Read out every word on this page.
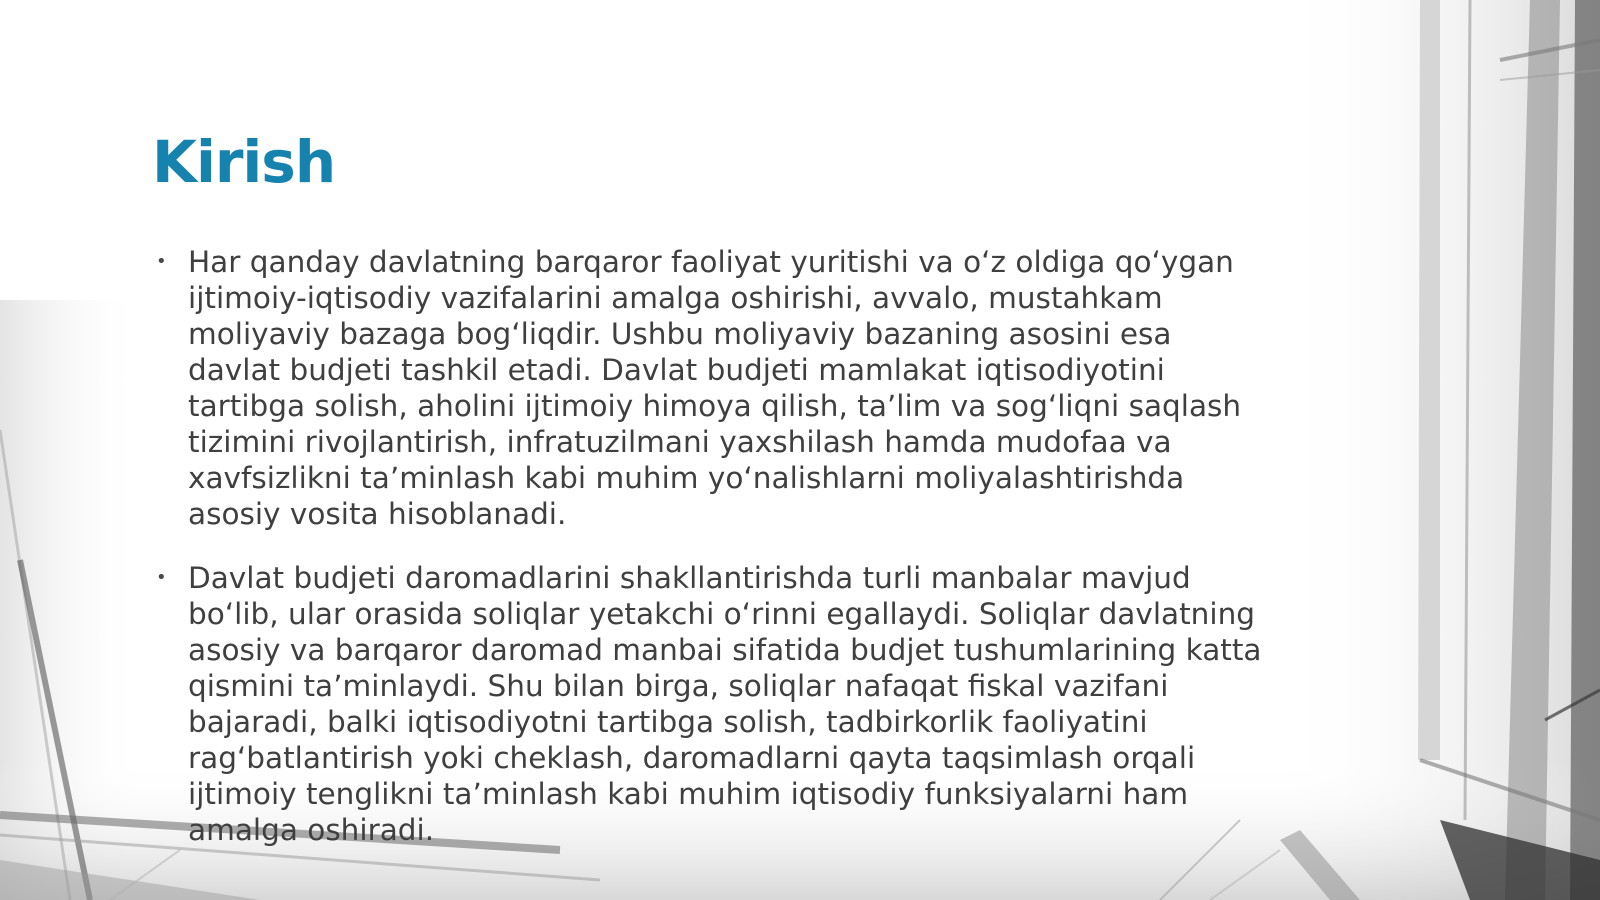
Kirish
• Har qanday davlatning barqaror faoliyat yuritishi va o‘z oldiga qo‘ygan ijtimoiy-iqtisodiy vazifalarini amalga oshirishi, avvalo, mustahkam moliyaviy bazaga bog‘liqdir. Ushbu moliyaviy bazaning asosini esa davlat budjeti tashkil etadi. Davlat budjeti mamlakat iqtisodiyotini tartibga solish, aholini ijtimoiy himoya qilish, ta’lim va sog‘liqni saqlash tizimini rivojlantirish, infratuzilmani yaxshilash hamda mudofaa va xavfsizlikni ta’minlash kabi muhim yo‘nalishlarni moliyalashtirishda asosiy vosita hisoblanadi.
• Davlat budjeti daromadlarini shakllantirishda turli manbalar mavjud bo‘lib, ular orasida soliqlar yetakchi o‘rinni egallaydi. Soliqlar davlatning asosiy va barqaror daromad manbai sifatida budjet tushumlarining katta qismini ta’minlaydi. Shu bilan birga, soliqlar nafaqat fiskal vazifani bajaradi, balki iqtisodiyotni tartibga solish, tadbirkorlik faoliyatini rag‘batlantirish yoki cheklash, daromadlarni qayta taqsimlash orqali ijtimoiy tenglikni ta’minlash kabi muhim iqtisodiy funksiyalarni ham amalga oshiradi.
